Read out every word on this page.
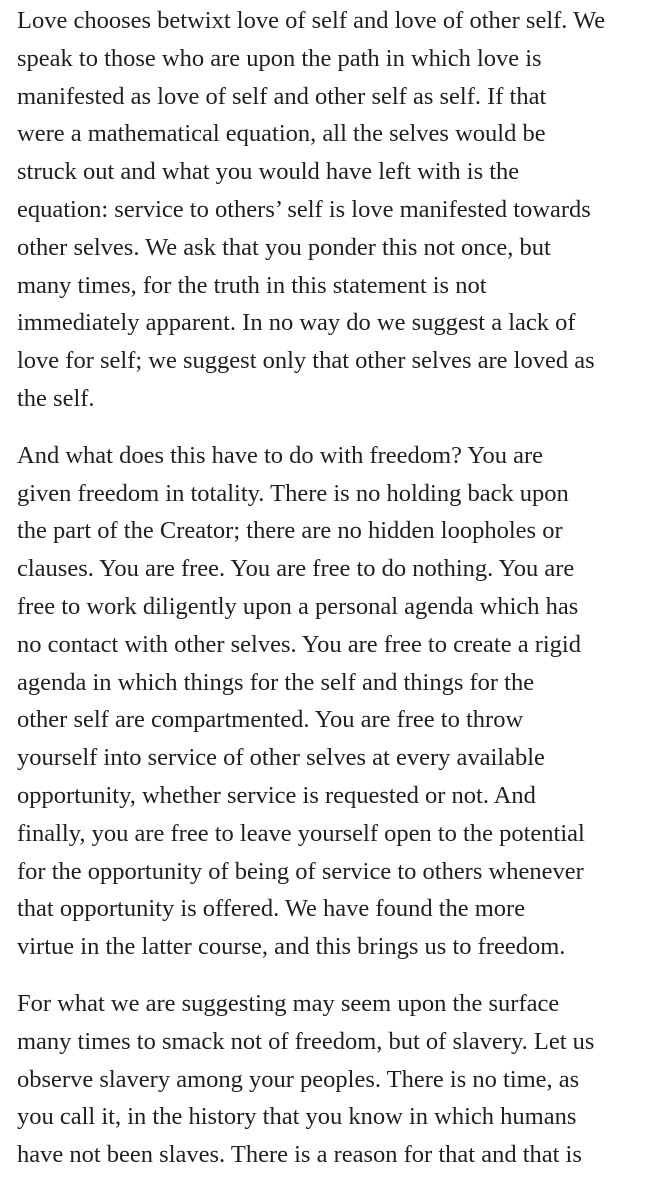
Love chooses betwixt love of self and love of other self. We
speak to those who are upon the path in which love is
manifested as love of self and other self as self. If that
were a mathematical equation, all the selves would be
struck out and what you would have left with is the
equation: service to others’ self is love manifested towards
other selves. We ask that you ponder this not once, but
many times, for the truth in this statement is not
immediately apparent. In no way do we suggest a lack of
love for self; we suggest only that other selves are loved as
the self.

And what does this have to do with freedom? You are
given freedom in totality. There is no holding back upon
the part of the Creator; there are no hidden loopholes or
clauses. You are free. You are free to do nothing. You are
free to work diligently upon a personal agenda which has
no contact with other selves. You are free to create a rigid
agenda in which things for the self and things for the
other self are compartmented. You are free to throw
yourself into service of other selves at every available
opportunity, whether service is requested or not. And
finally, you are free to leave yourself open to the potential
for the opportunity of being of service to others whenever
that opportunity is offered. We have found the more
virtue in the latter course, and this brings us to freedom.

For what we are suggesting may seem upon the surface
many times to smack not of freedom, but of slavery. Let us
observe slavery among your peoples. There is no time, as
you call it, in the history that you know in which humans
have not been slaves. There is a reason for that and that is
